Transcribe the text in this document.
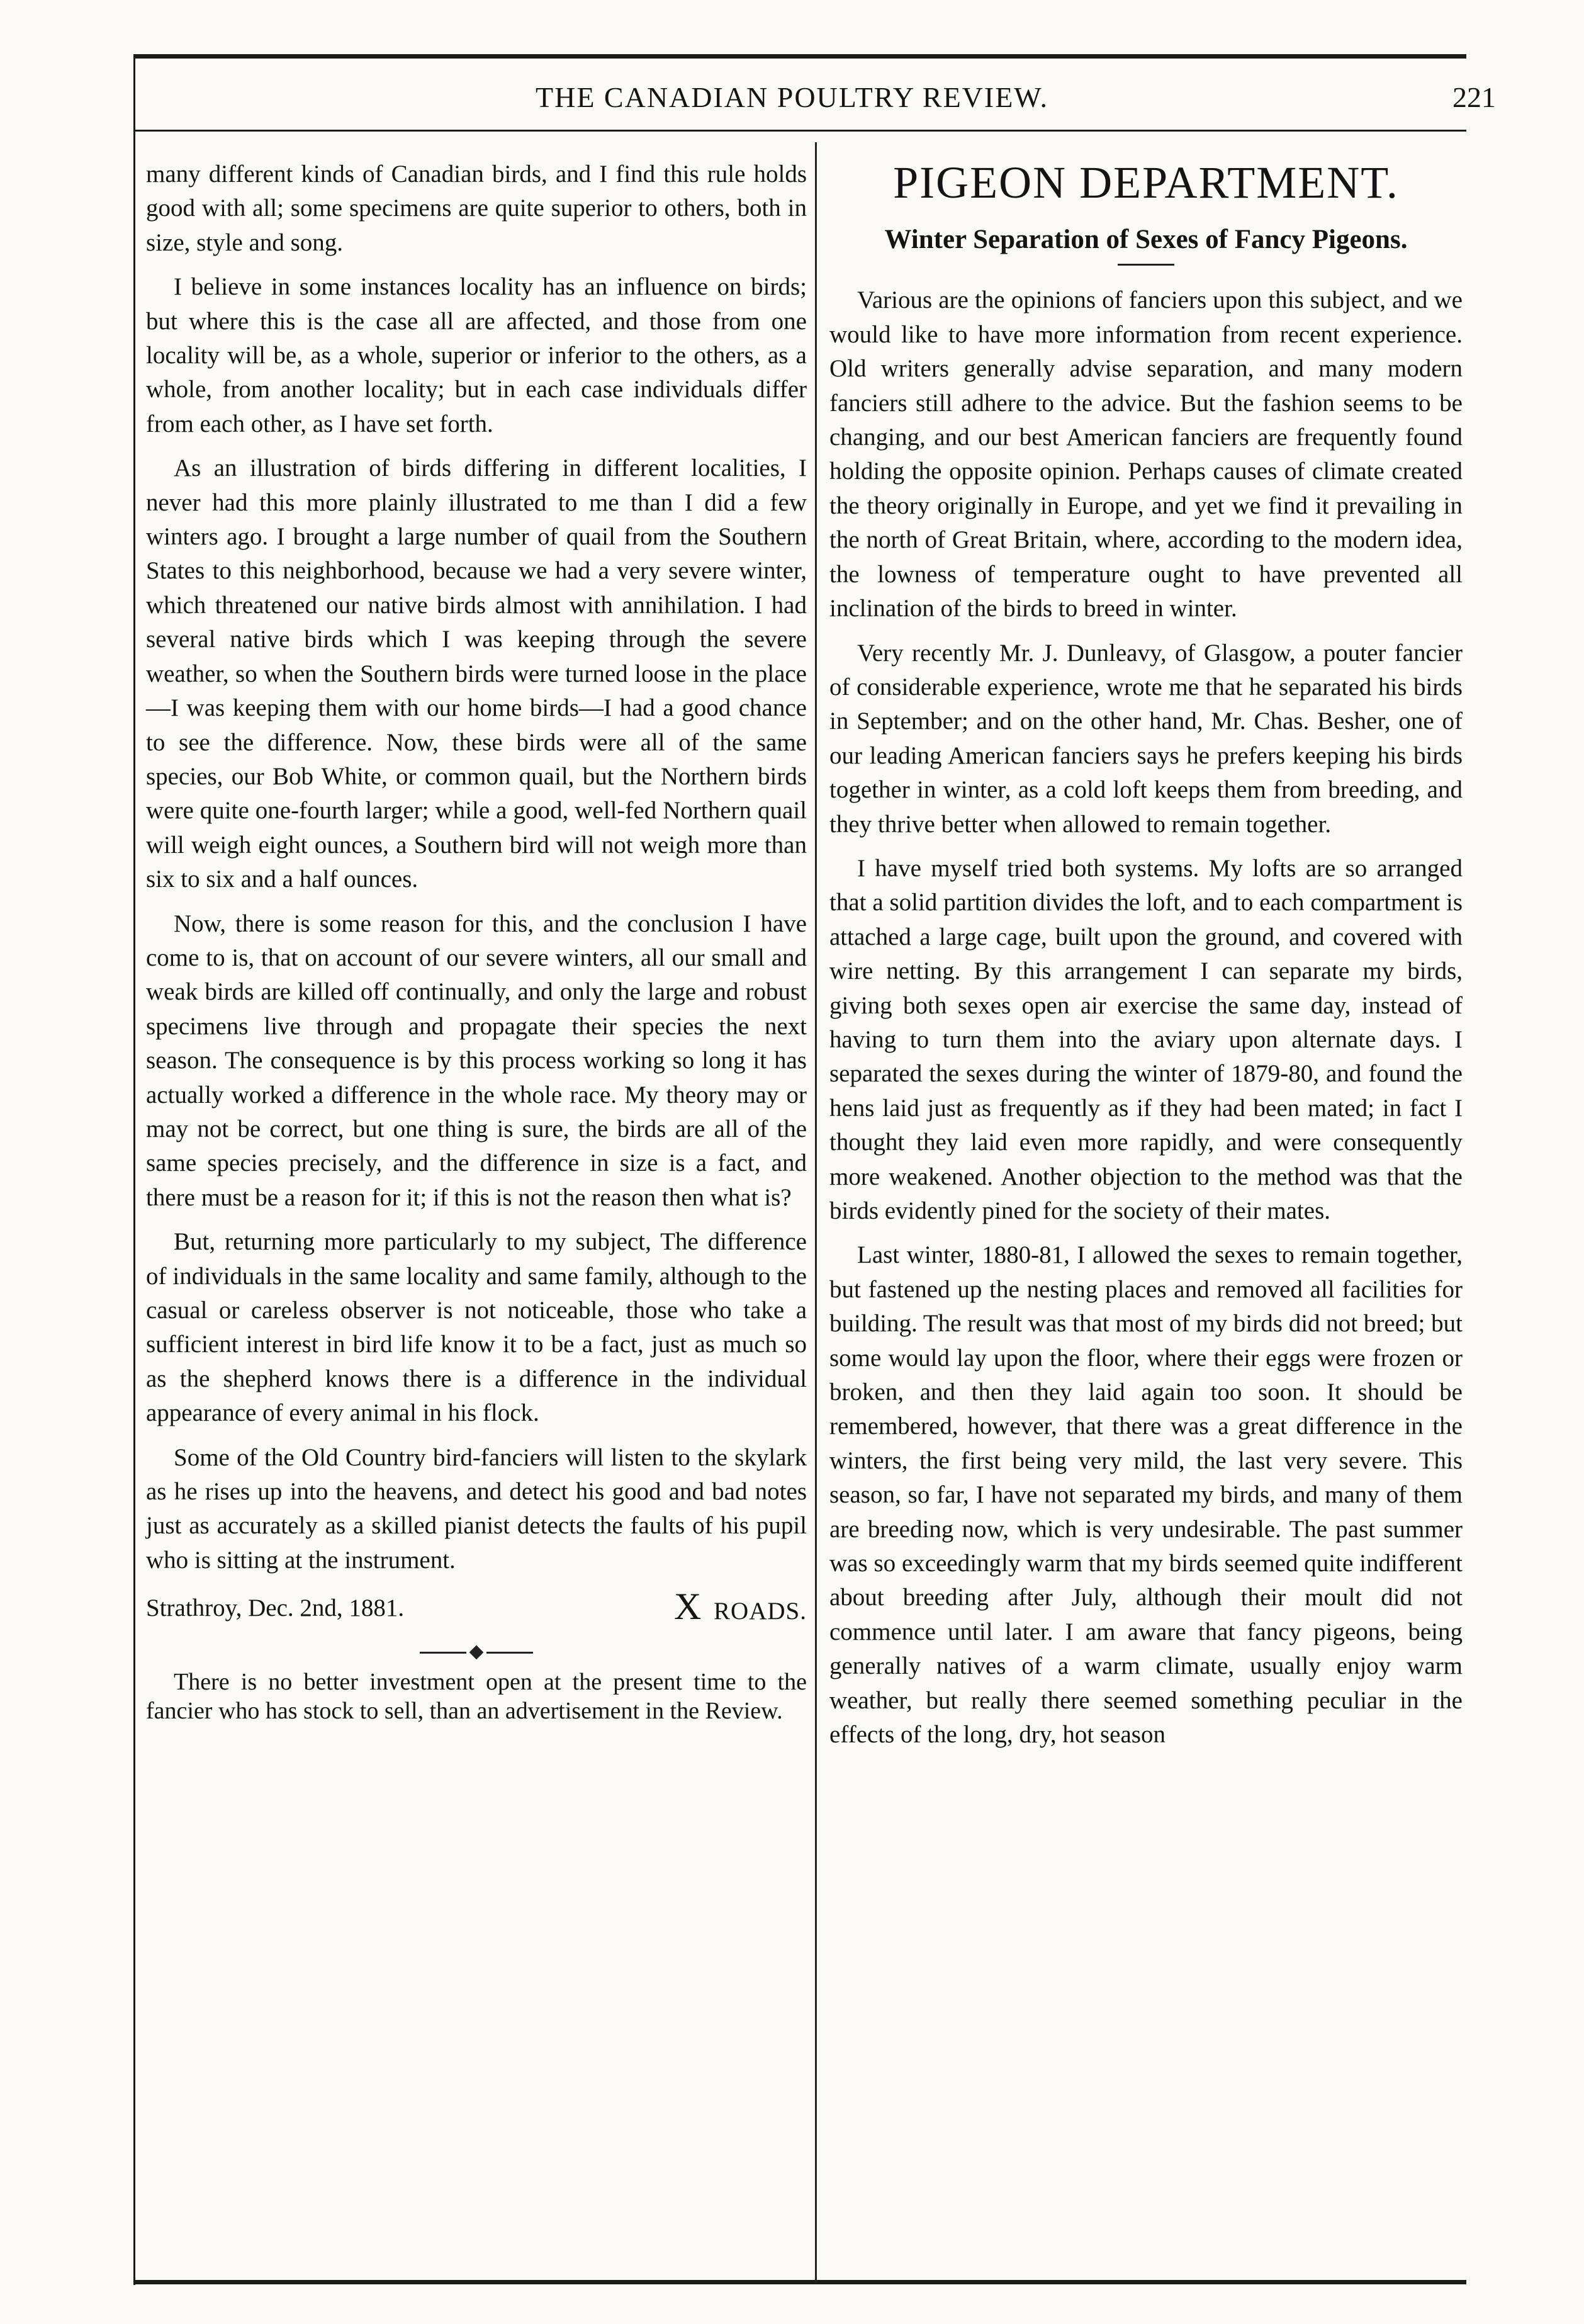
THE CANADIAN POULTRY REVIEW.	221

many different kinds of Canadian birds, and I find this rule holds good with all; some specimens are quite superior to others, both in size, style and song.

I believe in some instances locality has an influence on birds; but where this is the case all are affected, and those from one locality will be, as a whole, superior or inferior to the others, as a whole, from another locality; but in each case individuals differ from each other, as I have set forth.

As an illustration of birds differing in different localities, I never had this more plainly illustrated to me than I did a few winters ago. I brought a large number of quail from the Southern States to this neighborhood, because we had a very severe winter, which threatened our native birds almost with annihilation. I had several native birds which I was keeping through the severe weather, so when the Southern birds were turned loose in the place—I was keeping them with our home birds—I had a good chance to see the difference. Now, these birds were all of the same species, our Bob White, or common quail, but the Northern birds were quite one-fourth larger; while a good, well-fed Northern quail will weigh eight ounces, a Southern bird will not weigh more than six to six and a half ounces.

Now, there is some reason for this, and the conclusion I have come to is, that on account of our severe winters, all our small and weak birds are killed off continually, and only the large and robust specimens live through and propagate their species the next season. The consequence is by this process working so long it has actually worked a difference in the whole race. My theory may or may not be correct, but one thing is sure, the birds are all of the same species precisely, and the difference in size is a fact, and there must be a reason for it; if this is not the reason then what is?

But, returning more particularly to my subject, The difference of individuals in the same locality and same family, although to the casual or careless observer is not noticeable, those who take a sufficient interest in bird life know it to be a fact, just as much so as the shepherd knows there is a difference in the individual appearance of every animal in his flock.

Some of the Old Country bird-fanciers will listen to the skylark as he rises up into the heavens, and detect his good and bad notes just as accurately as a skilled pianist detects the faults of his pupil who is sitting at the instrument.

Strathroy, Dec. 2nd, 1881.	X ROADS.

There is no better investment open at the present time to the fancier who has stock to sell, than an advertisement in the Review.

PIGEON DEPARTMENT.
Winter Separation of Sexes of Fancy Pigeons.

Various are the opinions of fanciers upon this subject, and we would like to have more information from recent experience. Old writers generally advise separation, and many modern fanciers still adhere to the advice. But the fashion seems to be changing, and our best American fanciers are frequently found holding the opposite opinion. Perhaps causes of climate created the theory originally in Europe, and yet we find it prevailing in the north of Great Britain, where, according to the modern idea, the lowness of temperature ought to have prevented all inclination of the birds to breed in winter.

Very recently Mr. J. Dunleavy, of Glasgow, a pouter fancier of considerable experience, wrote me that he separated his birds in September; and on the other hand, Mr. Chas. Besher, one of our leading American fanciers says he prefers keeping his birds together in winter, as a cold loft keeps them from breeding, and they thrive better when allowed to remain together.

I have myself tried both systems. My lofts are so arranged that a solid partition divides the loft, and to each compartment is attached a large cage, built upon the ground, and covered with wire netting. By this arrangement I can separate my birds, giving both sexes open air exercise the same day, instead of having to turn them into the aviary upon alternate days. I separated the sexes during the winter of 1879-80, and found the hens laid just as frequently as if they had been mated; in fact I thought they laid even more rapidly, and were consequently more weakened. Another objection to the method was that the birds evidently pined for the society of their mates.

Last winter, 1880-81, I allowed the sexes to remain together, but fastened up the nesting places and removed all facilities for building. The result was that most of my birds did not breed; but some would lay upon the floor, where their eggs were frozen or broken, and then they laid again too soon. It should be remembered, however, that there was a great difference in the winters, the first being very mild, the last very severe. This season, so far, I have not separated my birds, and many of them are breeding now, which is very undesirable. The past summer was so exceedingly warm that my birds seemed quite indifferent about breeding after July, although their moult did not commence until later. I am aware that fancy pigeons, being generally natives of a warm climate, usually enjoy warm weather, but really there seemed something peculiar in the effects of the long, dry, hot season
